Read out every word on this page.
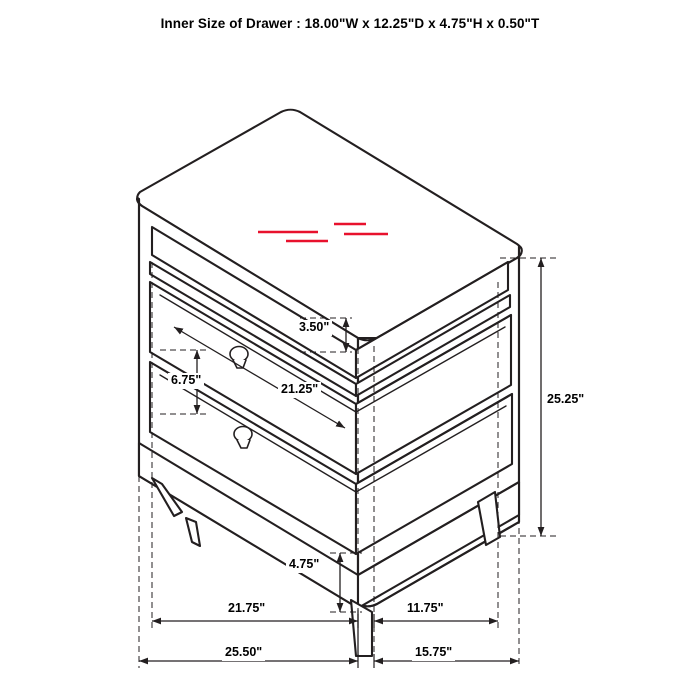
Inner Size of Drawer : 18.00"W x 12.25"D x 4.75"H x 0.50"T
3.50"
6.75"
21.25"
25.25"
4.75"
21.75"	11.75"
25.50"	15.75"
